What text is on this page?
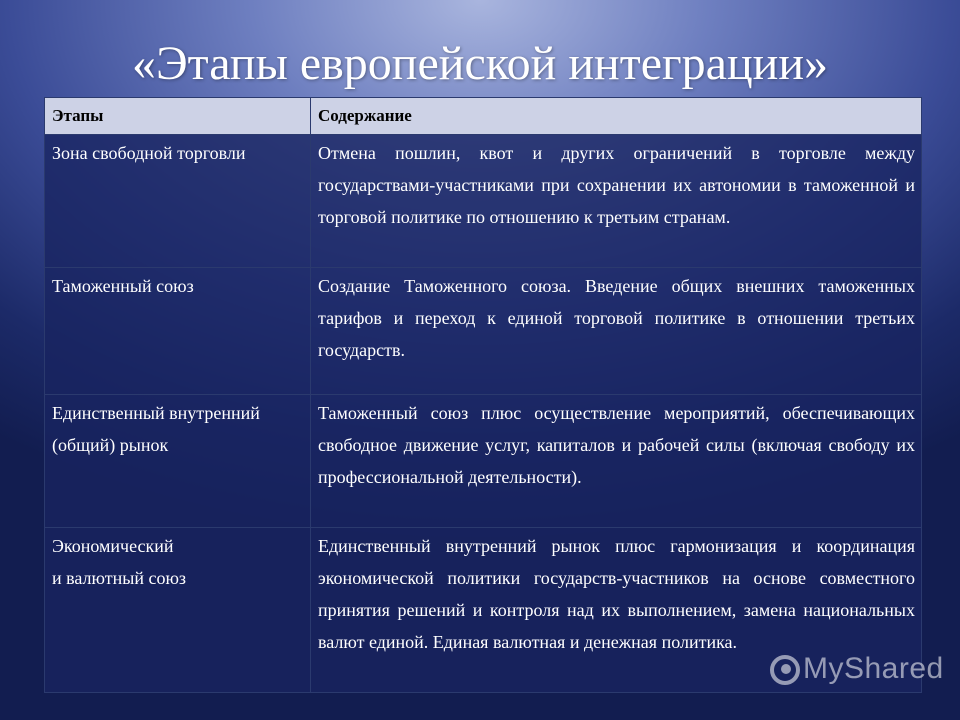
«Этапы европейской интеграции»
Этапы	Содержание
Зона свободной торговли	Отмена пошлин, квот и других ограничений в торговле между государствами-участниками при сохранении их автономии в таможенной и торговой политике по отношению к третьим странам.
Таможенный союз	Создание Таможенного союза. Введение общих внешних таможенных тарифов и переход к единой торговой политике в отношении третьих государств.
Единственный внутренний (общий) рынок	Таможенный союз плюс осуществление мероприятий, обеспечивающих свободное движение услуг, капиталов и рабочей силы (включая свободу их профессиональной деятельности).
Экономический
и валютный союз	Единственный внутренний рынок плюс гармонизация и координация экономической политики государств-участников на основе совместного принятия решений и контроля над их выполнением, замена национальных валют единой. Единая валютная и денежная политика.
MyShared
